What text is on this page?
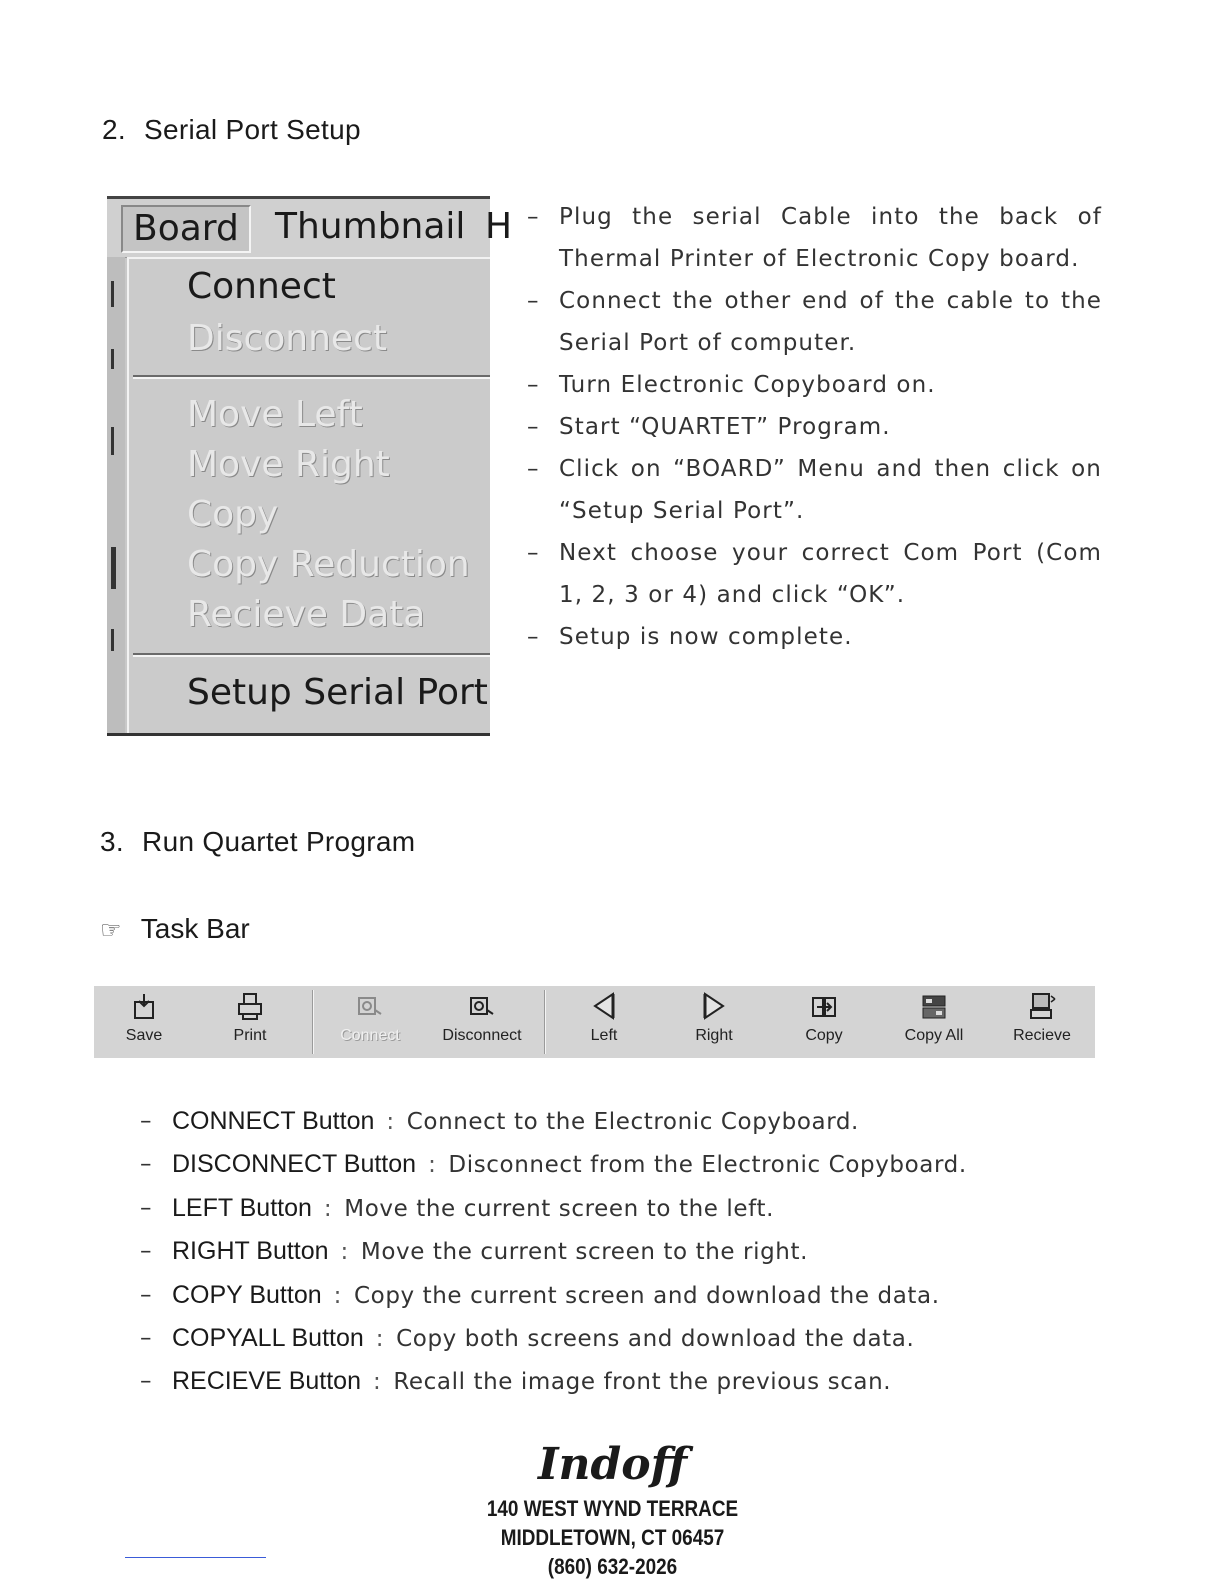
2. Serial Port Setup
Board	Thumbnail H
Connect
Disconnect
Move Left
Move Right
Copy
Copy Reduction
Recieve Data
Setup Serial Port
– Plug the serial Cable into the back of Thermal Printer of Electronic Copy board.
– Connect the other end of the cable to the Serial Port of computer.
– Turn Electronic Copyboard on.
– Start “QUARTET” Program.
– Click on “BOARD” Menu and then click on “Setup Serial Port”.
– Next choose your correct Com Port (Com 1, 2, 3 or 4) and click “OK”.
– Setup is now complete.
3. Run Quartet Program
☞ Task Bar
Save	Print	Connect	Disconnect	Left	Right	Copy	Copy All	Recieve
– CONNECT Button : Connect to the Electronic Copyboard.
– DISCONNECT Button : Disconnect from the Electronic Copyboard.
– LEFT Button : Move the current screen to the left.
– RIGHT Button : Move the current screen to the right.
– COPY Button : Copy the current screen and download the data.
– COPYALL Button : Copy both screens and download the data.
– RECIEVE Button : Recall the image front the previous scan.
Indoff
140 WEST WYND TERRACE
MIDDLETOWN, CT 06457
(860) 632-2026
